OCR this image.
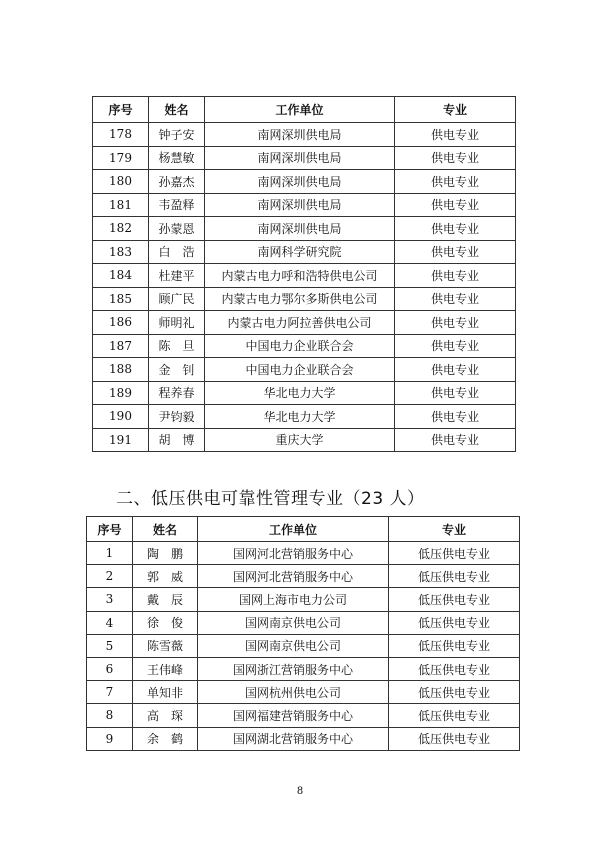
序号	姓名	工作单位	专业
178	钟子安	南网深圳供电局	供电专业
179	杨慧敏	南网深圳供电局	供电专业
180	孙嘉杰	南网深圳供电局	供电专业
181	韦盈释	南网深圳供电局	供电专业
182	孙蒙恩	南网深圳供电局	供电专业
183	白　浩	南网科学研究院	供电专业
184	杜建平	内蒙古电力呼和浩特供电公司	供电专业
185	顾广民	内蒙古电力鄂尔多斯供电公司	供电专业
186	师明礼	内蒙古电力阿拉善供电公司	供电专业
187	陈　旦	中国电力企业联合会	供电专业
188	金　钊	中国电力企业联合会	供电专业
189	程养春	华北电力大学	供电专业
190	尹钧毅	华北电力大学	供电专业
191	胡　博	重庆大学	供电专业
二、低压供电可靠性管理专业（23 人）
序号	姓名	工作单位	专业
1	陶　鹏	国网河北营销服务中心	低压供电专业
2	郭　威	国网河北营销服务中心	低压供电专业
3	戴　辰	国网上海市电力公司	低压供电专业
4	徐　俊	国网南京供电公司	低压供电专业
5	陈雪薇	国网南京供电公司	低压供电专业
6	王伟峰	国网浙江营销服务中心	低压供电专业
7	单知非	国网杭州供电公司	低压供电专业
8	高　琛	国网福建营销服务中心	低压供电专业
9	余　鹤	国网湖北营销服务中心	低压供电专业
8
